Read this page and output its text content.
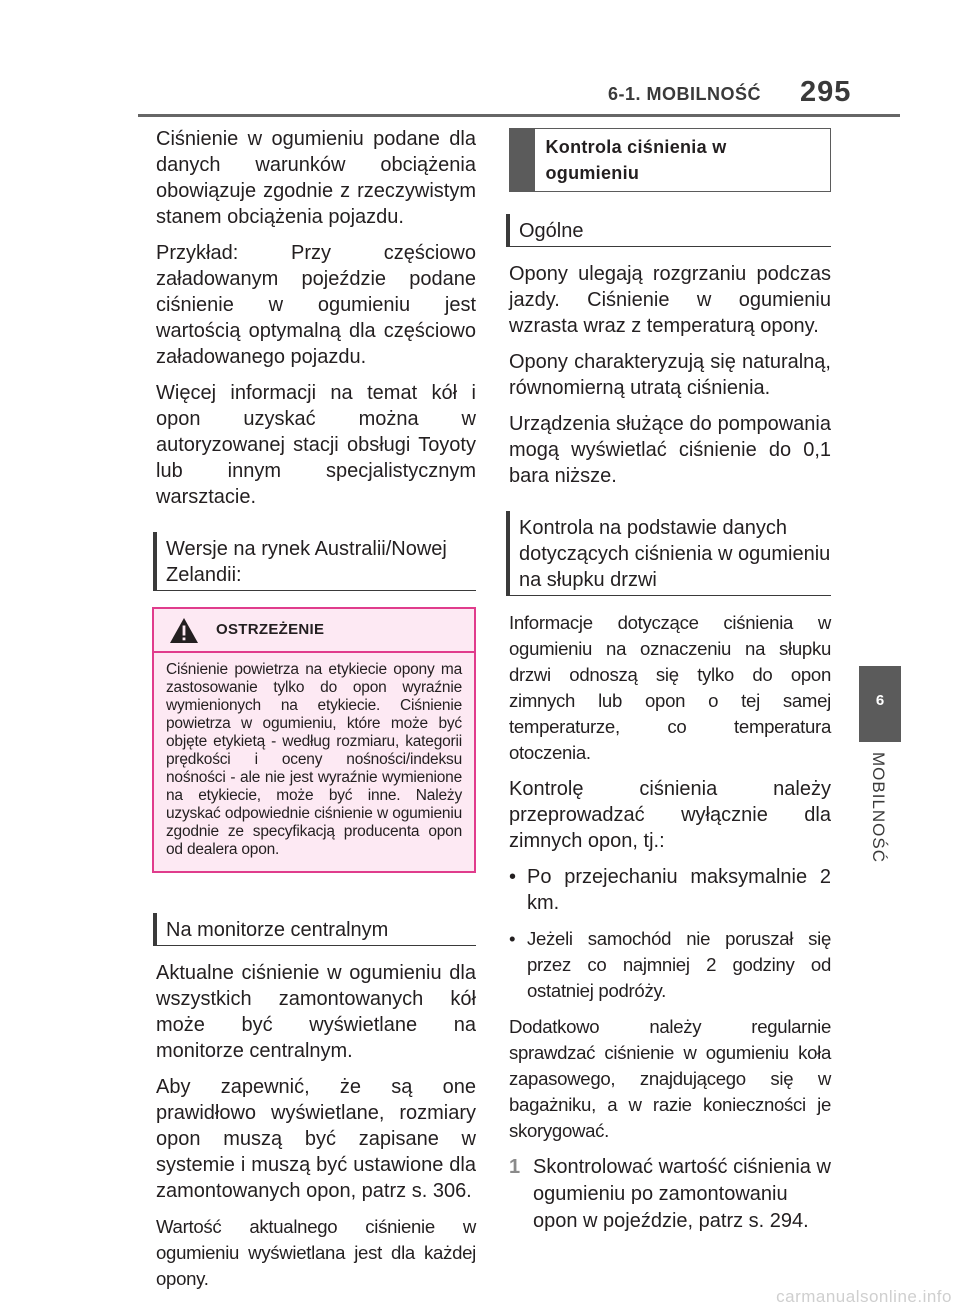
6-1. MOBILNOŚĆ 295
6
MOBILNOŚĆ

Ciśnienie w ogumieniu podane dla danych warunków obciążenia obowiązuje zgodnie z rzeczywistym stanem obciążenia pojazdu.

Przykład: Przy częściowo załadowanym pojeździe podane ciśnienie w ogumieniu jest wartością optymalną dla częściowo załadowanego pojazdu.

Więcej informacji na temat kół i opon uzyskać można w autoryzowanej stacji obsługi Toyoty lub innym specjalistycznym warsztacie.

Wersje na rynek Australii/Nowej Zelandii:
OSTRZEŻENIE
Ciśnienie powietrza na etykiecie opony ma zastosowanie tylko do opon wyraźnie wymienionych na etykiecie. Ciśnienie powietrza w ogumieniu, które może być objęte etykietą - według rozmiaru, kategorii prędkości i oceny nośności/indeksu nośności - ale nie jest wyraźnie wymienione na etykiecie, może być inne. Należy uzyskać odpowiednie ciśnienie w ogumieniu zgodnie ze specyfikacją producenta opon od dealera opon.
Na monitorze centralnym

Aktualne ciśnienie w ogumieniu dla wszystkich zamontowanych kół może być wyświetlane na monitorze centralnym.

Aby zapewnić, że są one prawidłowo wyświetlane, rozmiary opon muszą być zapisane w systemie i muszą być ustawione dla zamontowanych opon, patrz s. 306.

Wartość aktualnego ciśnienie w ogumieniu wyświetlana jest dla każdej opony.

Kontrola ciśnienia w ogumieniu
Ogólne

Opony ulegają rozgrzaniu podczas jazdy. Ciśnienie w ogumieniu wzrasta wraz z temperaturą opony.

Opony charakteryzują się naturalną, równomierną utratą ciśnienia.

Urządzenia służące do pompowania mogą wyświetlać ciśnienie do 0,1 bara niższe.

Kontrola na podstawie danych dotyczących ciśnienia w ogumieniu na słupku drzwi

Informacje dotyczące ciśnienia w ogumieniu na oznaczeniu na słupku drzwi odnoszą się tylko do opon zimnych lub opon o tej samej temperaturze, co temperatura otoczenia.

Kontrolę ciśnienia należy przeprowadzać wyłącznie dla zimnych opon, tj.:

• Po przejechaniu maksymalnie 2 km.
• Jeżeli samochód nie poruszał się przez co najmniej 2 godziny od ostatniej podróży.

Dodatkowo należy regularnie sprawdzać ciśnienie w ogumieniu koła zapasowego, znajdującego się w bagażniku, a w razie konieczności je skorygować.

1 Skontrolować wartość ciśnienia w ogumieniu po zamontowaniu opon w pojeździe, patrz s. 294.
carmanualsonline.info
